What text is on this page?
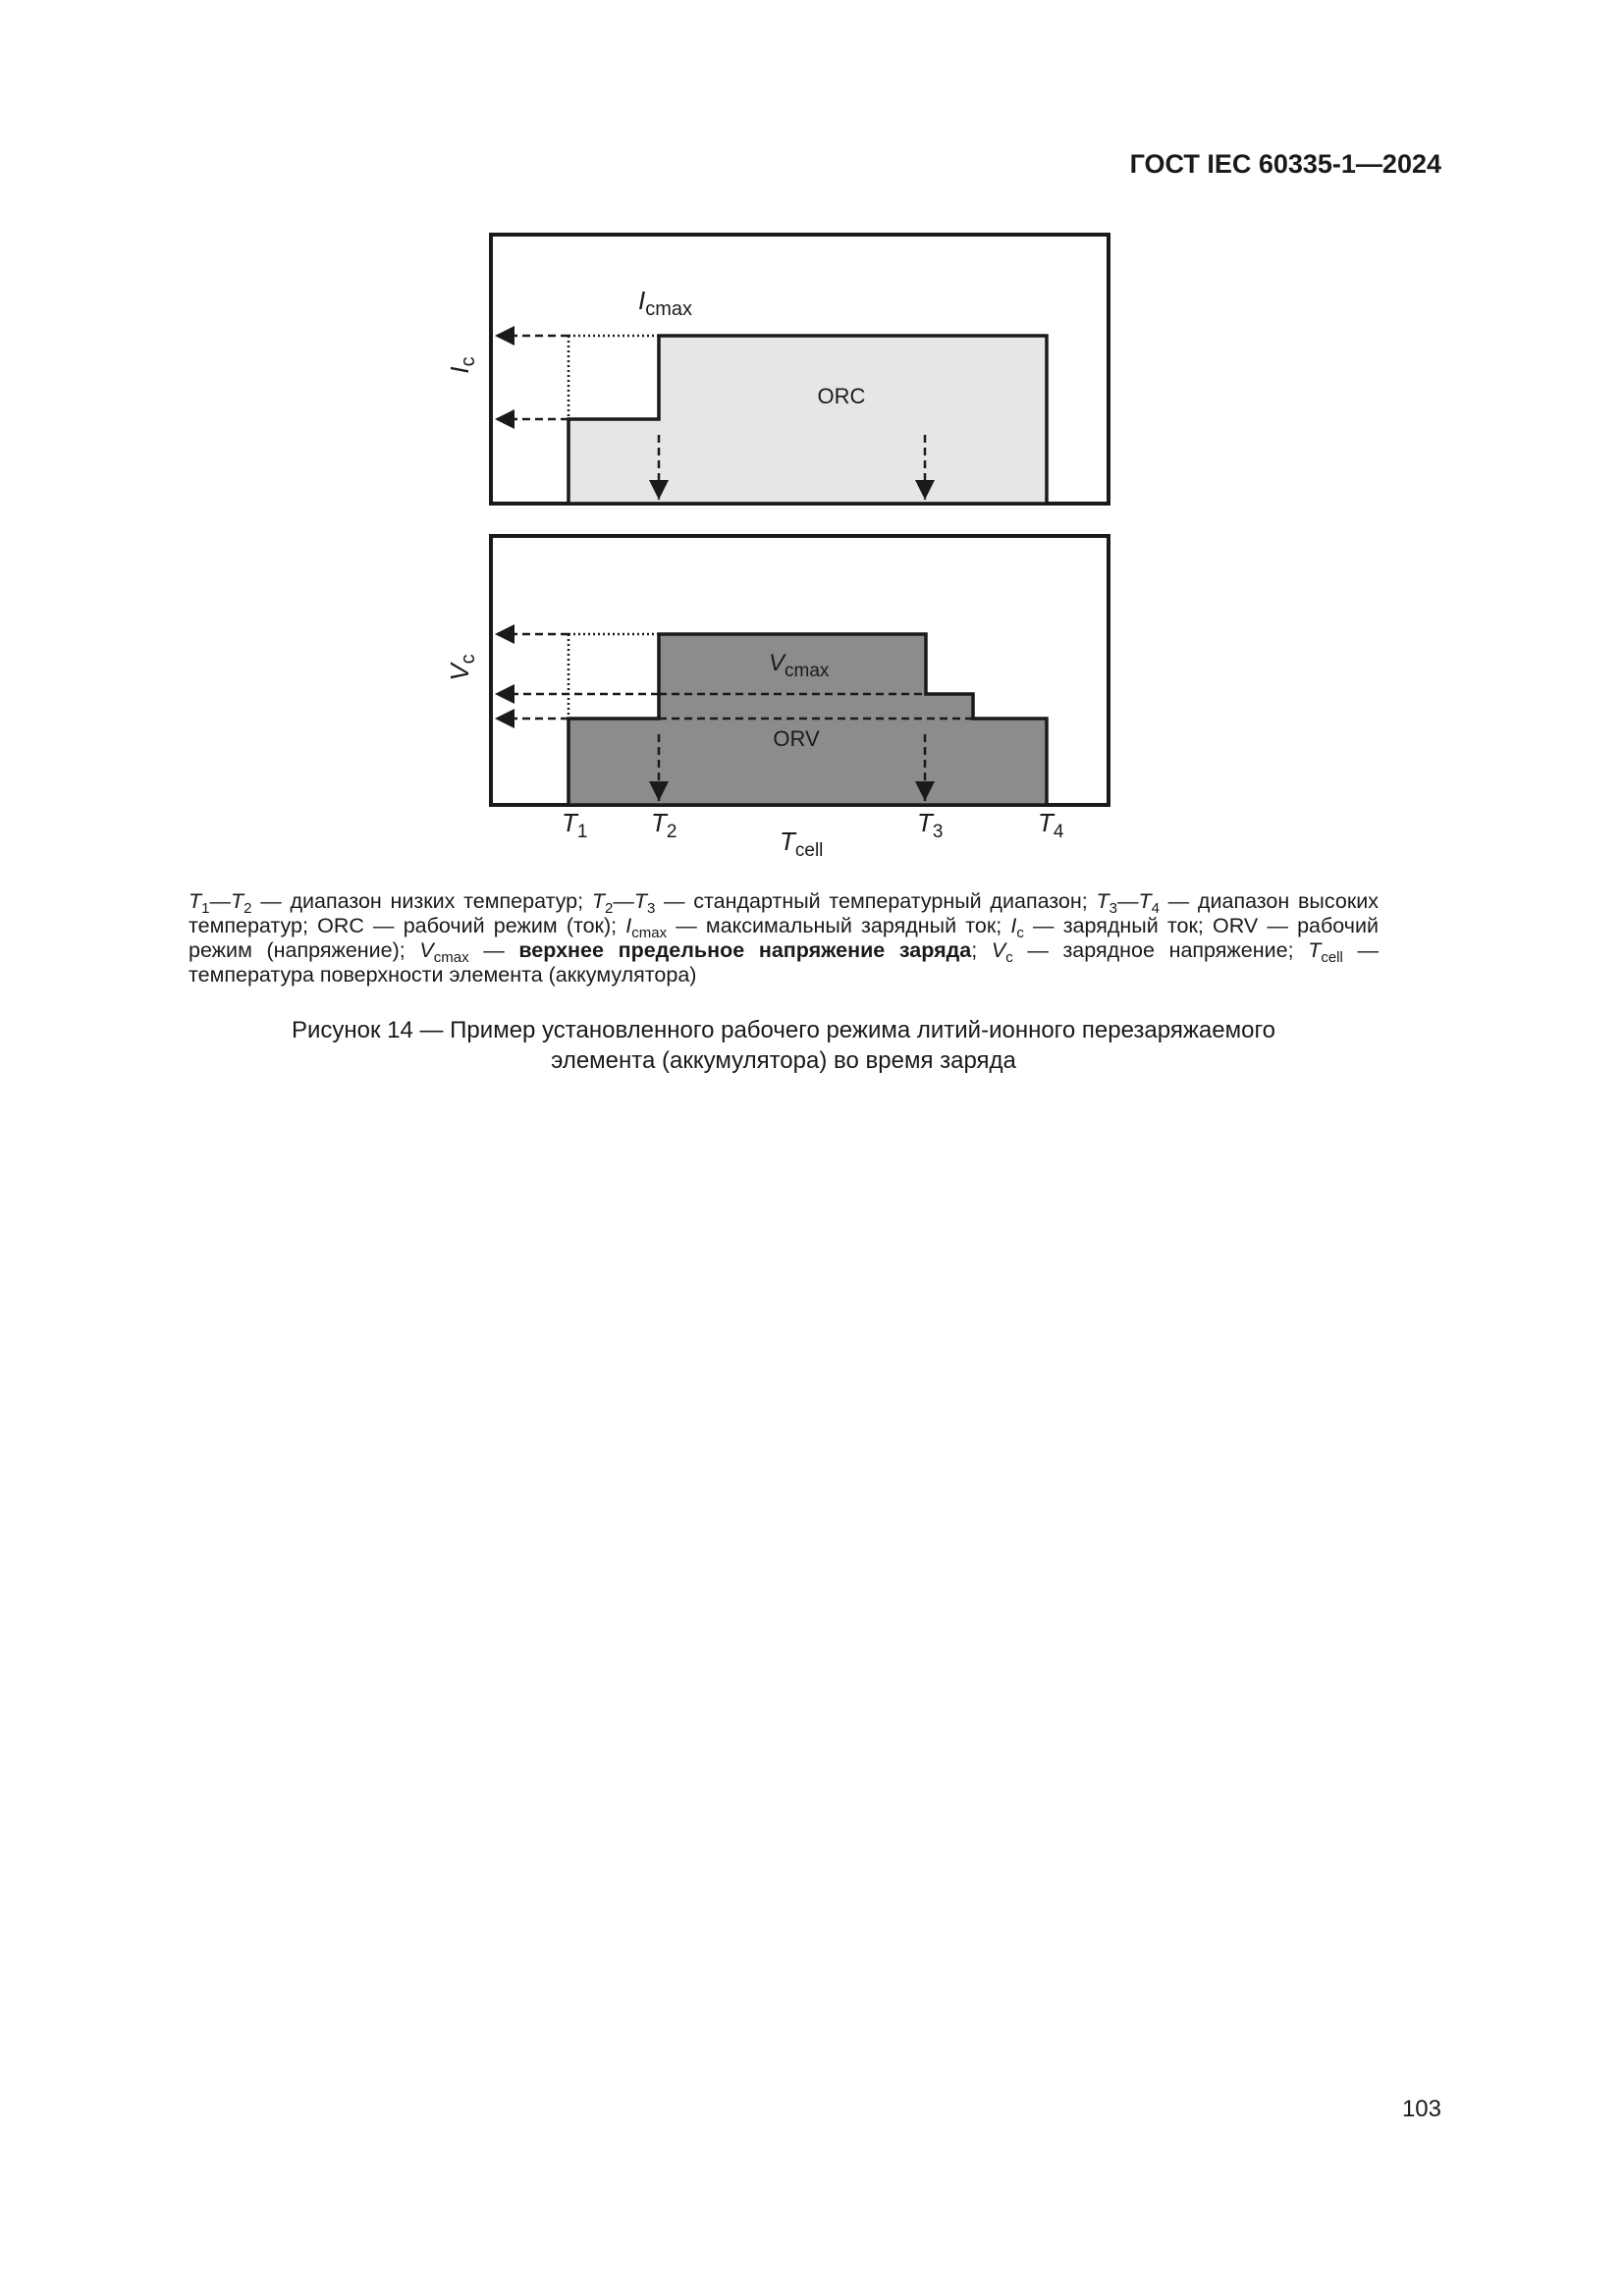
ГОСТ IEC 60335-1—2024
ORC
$I_{cmax}$
$I_c$
$V_{cmax}$
ORV
$V_c$
$T_1$ $T_2$	$T_3$	$T_4$
$T_{cell}$
$T_1—T_2$ — диапазон низких температур; $T_2—T_3$ — стандартный температурный диапазон; $T_3—T_4$ — диапазон высоких температур; ORC — рабочий режим (ток); $I_{cmax}$ — максимальный зарядный ток; $I_c$ — зарядный ток; ORV — рабочий режим (напряжение); $V_{cmax}$ — верхнее предельное напряжение заряда; $V_c$ — зарядное напряжение; $T_{cell}$ — температура поверхности элемента (аккумулятора)
Рисунок 14 — Пример установленного рабочего режима литий-ионного перезаряжаемого
элемента (аккумулятора) во время заряда
103
